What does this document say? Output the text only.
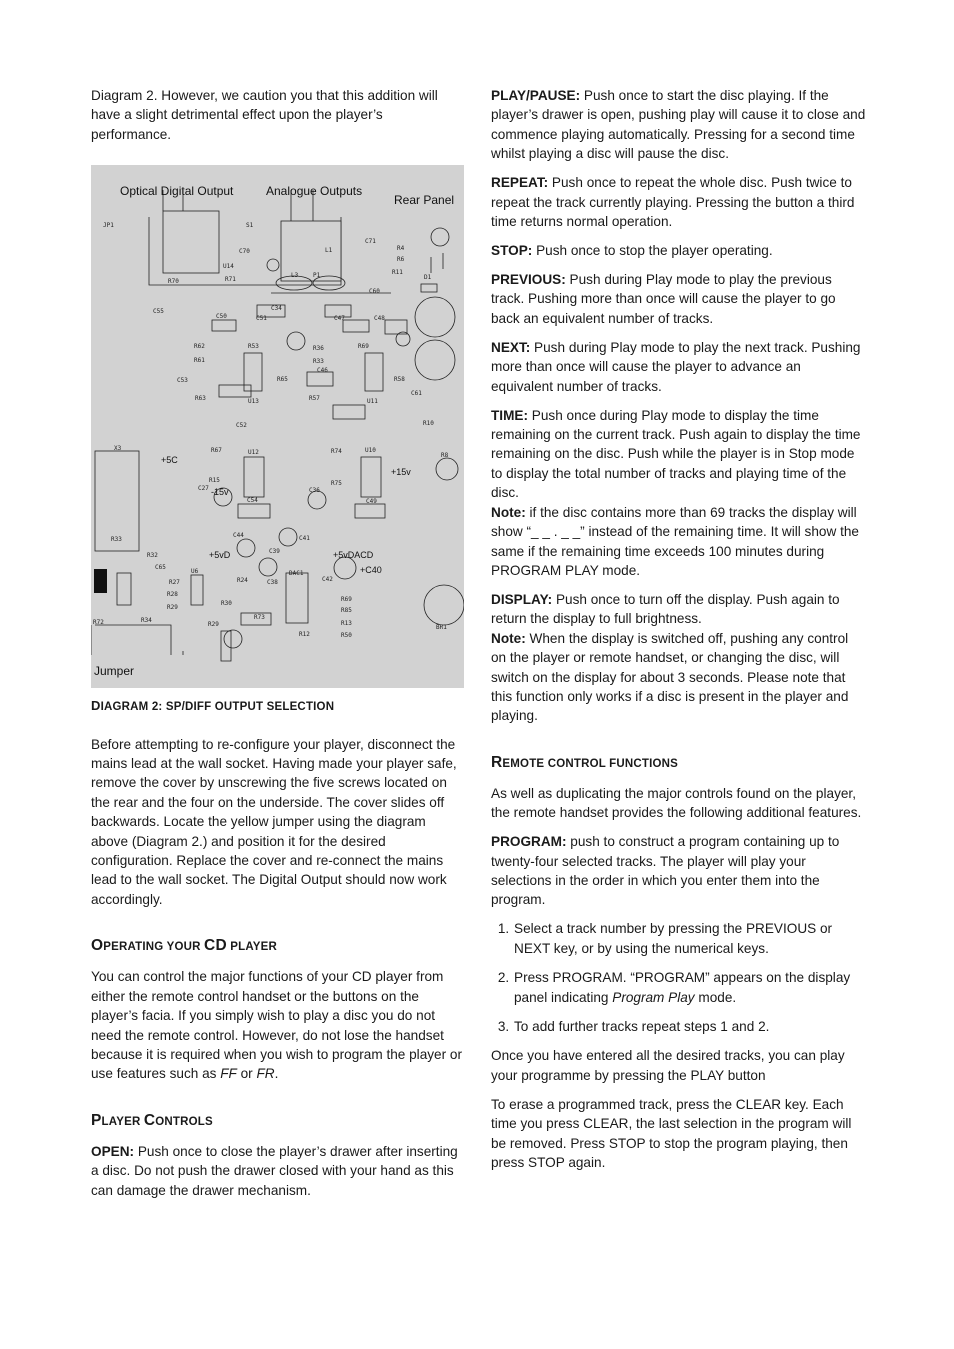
Diagram 2. However, we caution you that this addition will have a slight detrimental effect upon the player’s performance.

JP1	S1
C70
U14
R70	R71
L3 P1
L1
C71
R4
R6
R11
D1
C60
C55
C50	C51
C34
C47	C48
R62	R53	R36	R69
R61	R33
C46
C53	R65	R58
R63	U13	R57	U11
C61
C52	R10
X3	R67	U12	R74	U10
R8
R15
C27	C36
R75
R33
C54	C49
C44
C39
C41
R32
C65
U6
R27	R24
DAC1
C42
R28
C38
R29
R30
R69
R85
R73
R13
R29
R72	R34
R12	R50
BR1
+5C
-15v
+15v
+5vD	+5vDACD
+C40
Optical Digital Output	Analogue Outputs
Rear Panel
Jumper
DIAGRAM 2: SP/DIFF OUTPUT SELECTION

Before attempting to re-configure your player, disconnect the mains lead at the wall socket. Having made your player safe, remove the cover by unscrewing the five screws located on the rear and the four on the underside. The cover slides off backwards. Locate the yellow jumper using the diagram above (Diagram 2.) and position it for the desired configuration. Replace the cover and re-connect the mains lead to the wall socket. The Digital Output should now work accordingly.

OPERATING YOUR CD PLAYER

You can control the major functions of your CD player from either the remote control handset or the buttons on the player’s facia. If you simply wish to play a disc you do not need the remote control. However, do not lose the handset because it is required when you wish to program the player or use features such as FF or FR.

PLAYER CONTROLS

OPEN: Push once to close the player’s drawer after inserting a disc. Do not push the drawer closed with your hand as this can damage the drawer mechanism.

PLAY/PAUSE: Push once to start the disc playing. If the player’s drawer is open, pushing play will cause it to close and commence playing automatically. Pressing for a second time whilst playing a disc will pause the disc.

REPEAT: Push once to repeat the whole disc. Push twice to repeat the track currently playing. Pressing the button a third time returns normal operation.

STOP: Push once to stop the player operating.

PREVIOUS: Push during Play mode to play the previous track. Pushing more than once will cause the player to go back an equivalent number of tracks.

NEXT: Push during Play mode to play the next track. Pushing more than once will cause the player to advance an equivalent number of tracks.

TIME: Push once during Play mode to display the time remaining on the current track. Push again to display the time remaining on the disc. Push while the player is in Stop mode to display the total number of tracks and playing time of the disc.

Note: if the disc contains more than 69 tracks the display will show “_ _ . _ _” instead of the remaining time. It will show the same if the remaining time exceeds 100 minutes during PROGRAM PLAY mode.

DISPLAY: Push once to turn off the display. Push again to return the display to full brightness.

Note: When the display is switched off, pushing any control on the player or remote handset, or changing the disc, will switch on the display for about 3 seconds. Please note that this function only works if a disc is present in the player and playing.

REMOTE CONTROL FUNCTIONS

As well as duplicating the major controls found on the player, the remote handset provides the following additional features.

PROGRAM: push to construct a program containing up to twenty-four selected tracks. The player will play your selections in the order in which you enter them into the program.

1. Select a track number by pressing the PREVIOUS or NEXT key, or by using the numerical keys.
2. Press PROGRAM. “PROGRAM” appears on the display panel indicating Program Play mode.
3. To add further tracks repeat steps 1 and 2.

Once you have entered all the desired tracks, you can play your programme by pressing the PLAY button

To erase a programmed track, press the CLEAR key. Each time you press CLEAR, the last selection in the program will be removed. Press STOP to stop the program playing, then press STOP again.
